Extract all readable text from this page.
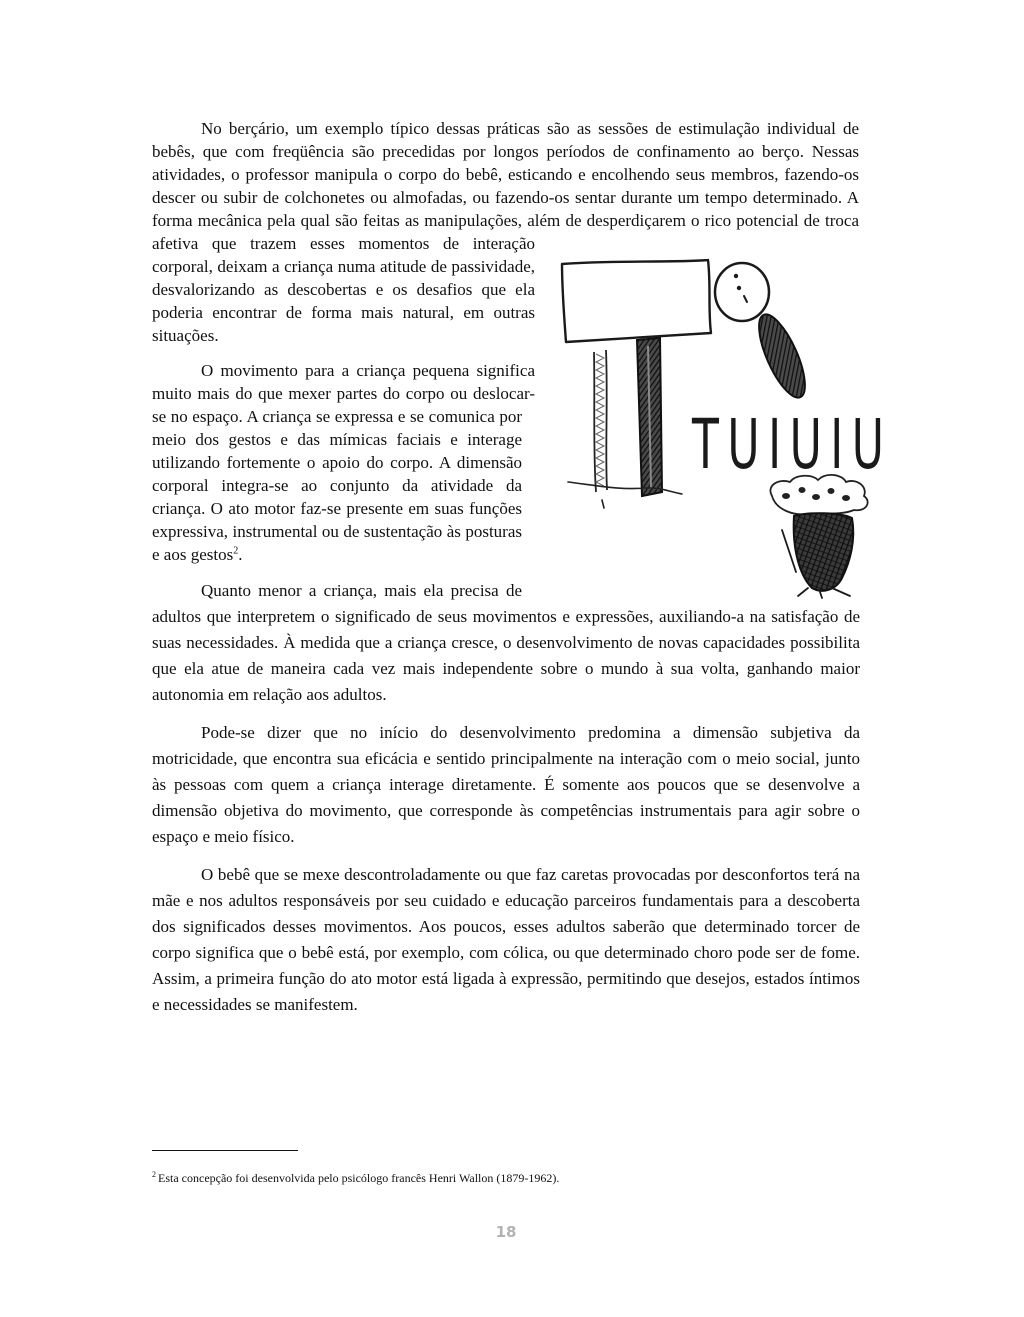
No berçário, um exemplo típico dessas práticas são as sessões de estimulação individual de bebês, que com freqüência são precedidas por longos períodos de confinamento ao berço. Nessas atividades, o professor manipula o corpo do bebê, esticando e encolhendo seus membros, fazendo-os descer ou subir de colchonetes ou almofadas, ou fazendo-os sentar durante um tempo determinado. A forma mecânica pela qual são feitas as manipulações, além de desperdiçarem o rico potencial de troca afetiva que trazem esses momentos de interação corporal, deixam a criança numa atitude de passividade, desvalorizando as descobertas e os desafios que ela poderia encontrar de forma mais natural, em outras situações.
O movimento para a criança pequena significa muito mais do que mexer partes do corpo ou deslocar-se no espaço. A criança se expressa e se comunica por meio dos gestos e das mímicas faciais e interage utilizando fortemente o apoio do corpo. A dimensão corporal integra-se ao conjunto da atividade da criança. O ato motor faz-se presente em suas funções expressiva, instrumental ou de sustentação às posturas e aos gestos$^2$.
Quanto menor a criança, mais ela precisa de adultos que interpretem o significado de seus movimentos e expressões, auxiliando-a na satisfação de suas necessidades. À medida que a criança cresce, o desenvolvimento de novas capacidades possibilita que ela atue de maneira cada vez mais independente sobre o mundo à sua volta, ganhando maior autonomia em relação aos adultos.
Pode-se dizer que no início do desenvolvimento predomina a dimensão subjetiva da motricidade, que encontra sua eficácia e sentido principalmente na interação com o meio social, junto às pessoas com quem a criança interage diretamente. É somente aos poucos que se desenvolve a dimensão objetiva do movimento, que corresponde às competências instrumentais para agir sobre o espaço e meio físico.
O bebê que se mexe descontroladamente ou que faz caretas provocadas por desconfortos terá na mãe e nos adultos responsáveis por seu cuidado e educação parceiros fundamentais para a descoberta dos significados desses movimentos. Aos poucos, esses adultos saberão que determinado torcer de corpo significa que o bebê está, por exemplo, com cólica, ou que determinado choro pode ser de fome. Assim, a primeira função do ato motor está ligada à expressão, permitindo que desejos, estados íntimos e necessidades se manifestem.
TUIUIU
$^2$ Esta concepção foi desenvolvida pelo psicólogo francês Henri Wallon (1879-1962).
18
